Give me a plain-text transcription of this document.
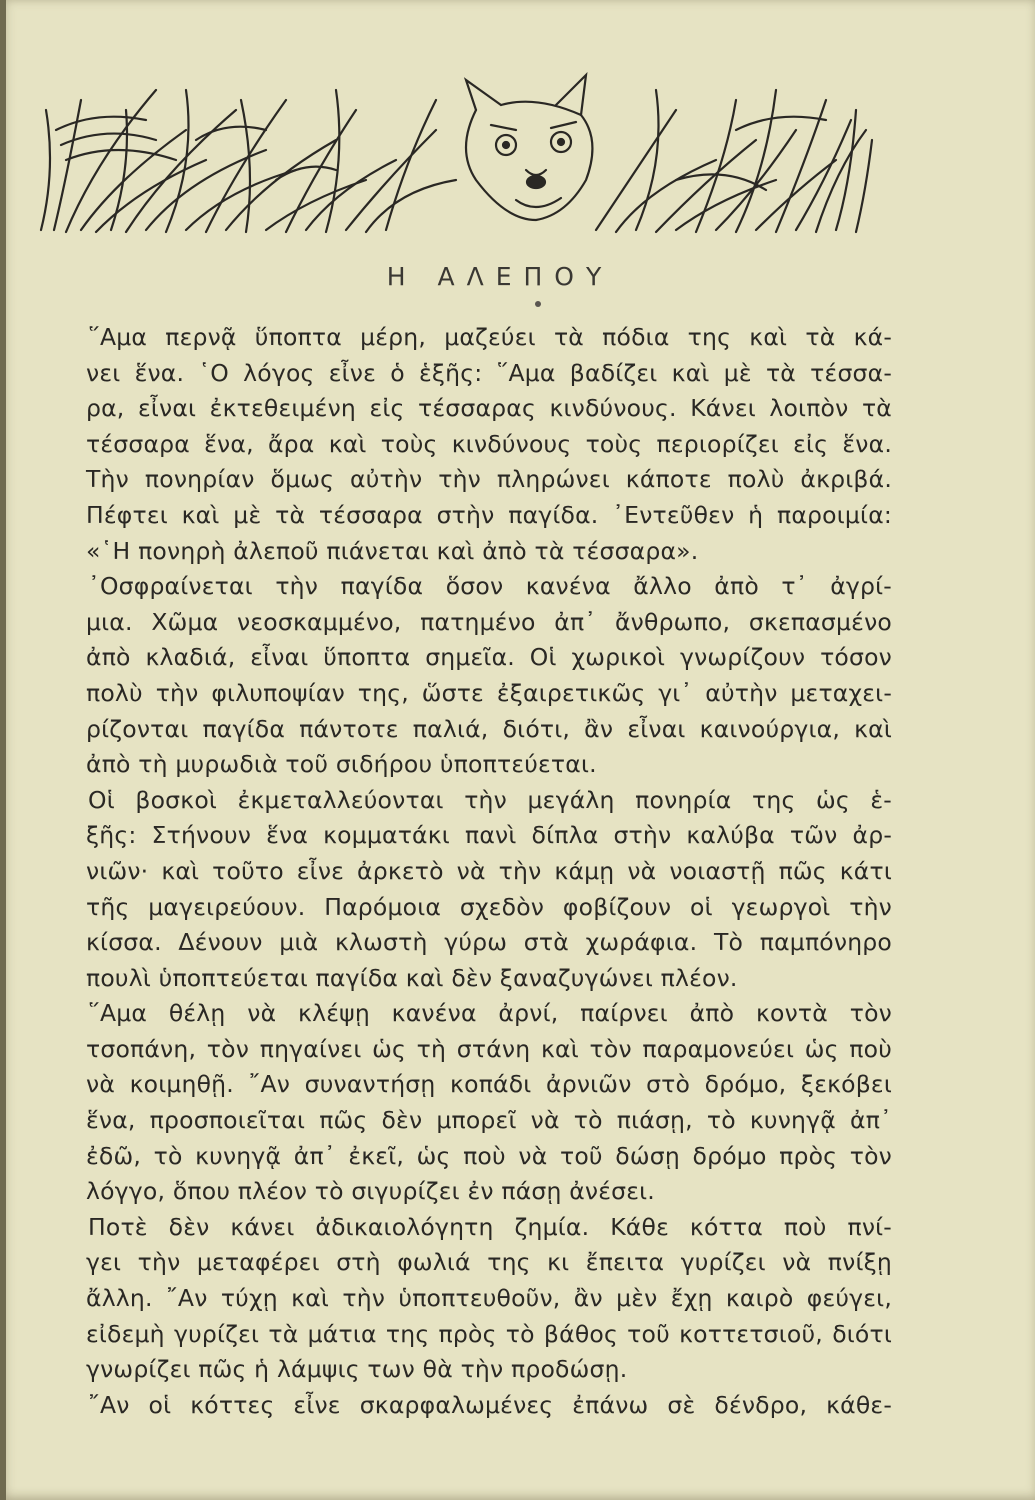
Η ΑΛΕΠΟΥ
῞Αμα περνᾷ ὕποπτα μέρη, μαζεύει τὰ πόδια της καὶ τὰ κά-
νει ἕνα. ῾Ο λόγος εἶνε ὁ ἑξῆς: ῞Αμα βαδίζει καὶ μὲ τὰ τέσσα-
ρα, εἶναι ἐκτεθειμένη εἰς τέσσαρας κινδύνους. Κάνει λοιπὸν τὰ
τέσσαρα ἕνα, ἄρα καὶ τοὺς κινδύνους τοὺς περιορίζει εἰς ἕνα.
Τὴν πονηρίαν ὅμως αὐτὴν τὴν πληρώνει κάποτε πολὺ ἀκριβά.
Πέφτει καὶ μὲ τὰ τέσσαρα στὴν παγίδα. ᾿Εντεῦθεν ἡ παροιμία:
«῾Η πονηρὴ ἀλεποῦ πιάνεται καὶ ἀπὸ τὰ τέσσαρα».
᾿Οσφραίνεται τὴν παγίδα ὅσον κανένα ἄλλο ἀπὸ τ᾿ ἀγρί-
μια. Χῶμα νεοσκαμμένο, πατημένο ἀπ᾿ ἄνθρωπο, σκεπασμένο
ἀπὸ κλαδιά, εἶναι ὕποπτα σημεῖα. Οἱ χωρικοὶ γνωρίζουν τόσον
πολὺ τὴν φιλυποψίαν της, ὥστε ἐξαιρετικῶς γι᾿ αὐτὴν μεταχει-
ρίζονται παγίδα πάντοτε παλιά, διότι, ἂν εἶναι καινούργια, καὶ
ἀπὸ τὴ μυρωδιὰ τοῦ σιδήρου ὑποπτεύεται.
Οἱ βοσκοὶ ἐκμεταλλεύονται τὴν μεγάλη πονηρία της ὡς ἑ-
ξῆς: Στήνουν ἕνα κομματάκι πανὶ δίπλα στὴν καλύβα τῶν ἀρ-
νιῶν· καὶ τοῦτο εἶνε ἀρκετὸ νὰ τὴν κάμῃ νὰ νοιαστῇ πῶς κάτι
τῆς μαγειρεύουν. Παρόμοια σχεδὸν φοβίζουν οἱ γεωργοὶ τὴν
κίσσα. Δένουν μιὰ κλωστὴ γύρω στὰ χωράφια. Τὸ παμπόνηρο
πουλὶ ὑποπτεύεται παγίδα καὶ δὲν ξαναζυγώνει πλέον.
῞Αμα θέλῃ νὰ κλέψῃ κανένα ἀρνί, παίρνει ἀπὸ κοντὰ τὸν
τσοπάνη, τὸν πηγαίνει ὡς τὴ στάνη καὶ τὸν παραμονεύει ὡς ποὺ
νὰ κοιμηθῇ. ῎Αν συναντήσῃ κοπάδι ἀρνιῶν στὸ δρόμο, ξεκόβει
ἕνα, προσποιεῖται πῶς δὲν μπορεῖ νὰ τὸ πιάσῃ, τὸ κυνηγᾷ ἀπ᾿
ἐδῶ, τὸ κυνηγᾷ ἀπ᾿ ἐκεῖ, ὡς ποὺ νὰ τοῦ δώσῃ δρόμο πρὸς τὸν
λόγγο, ὅπου πλέον τὸ σιγυρίζει ἐν πάσῃ ἀνέσει.
Ποτὲ δὲν κάνει ἀδικαιολόγητη ζημία. Κάθε κόττα ποὺ πνί-
γει τὴν μεταφέρει στὴ φωλιά της κι ἔπειτα γυρίζει νὰ πνίξῃ
ἄλλη. ῎Αν τύχῃ καὶ τὴν ὑποπτευθοῦν, ἂν μὲν ἔχῃ καιρὸ φεύγει,
εἰδεμὴ γυρίζει τὰ μάτια της πρὸς τὸ βάθος τοῦ κοττετσιοῦ, διότι
γνωρίζει πῶς ἡ λάμψις των θὰ τὴν προδώσῃ.
῎Αν οἱ κόττες εἶνε σκαρφαλωμένες ἐπάνω σὲ δένδρο, κάθε-
